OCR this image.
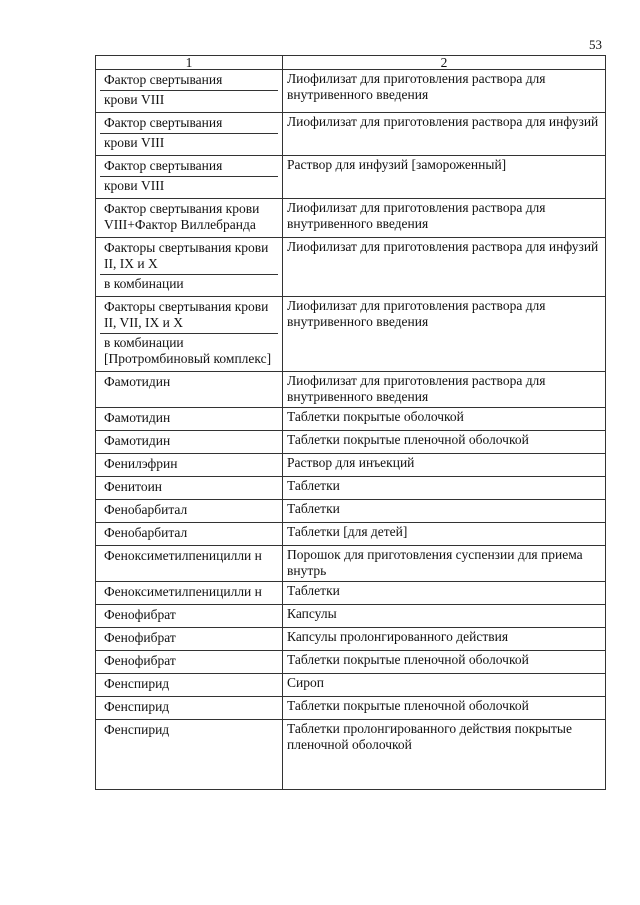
53
1	2

Фактор свертывания
крови VIII	Лиофилизат для приготовления раствора для внутривенного введения

Фактор свертывания
крови VIII	Лиофилизат для приготовления раствора для инфузий

Фактор свертывания
крови VIII	Раствор для инфузий [замороженный]

Фактор свертывания крови VIII+Фактор Виллебранда	Лиофилизат для приготовления раствора для внутривенного введения

Факторы свертывания крови II, IX и X
в комбинации	Лиофилизат для приготовления раствора для инфузий

Факторы свертывания крови II, VII, IX и X
в комбинации [Протромбиновый комплекс]	Лиофилизат для приготовления раствора для внутривенного введения

Фамотидин	Лиофилизат для приготовления раствора для внутривенного введения

Фамотидин	Таблетки покрытые оболочкой

Фамотидин	Таблетки покрытые пленочной оболочкой

Фенилэфрин	Раствор для инъекций

Фенитоин	Таблетки

Фенобарбитал	Таблетки

Фенобарбитал	Таблетки [для детей]

Феноксиметилпеницилли н	Порошок для приготовления суспензии для приема внутрь

Феноксиметилпеницилли н	Таблетки

Фенофибрат	Капсулы

Фенофибрат	Капсулы пролонгированного действия

Фенофибрат	Таблетки покрытые пленочной оболочкой

Фенспирид	Сироп

Фенспирид	Таблетки покрытые пленочной оболочкой

Фенспирид	Таблетки пролонгированного действия покрытые пленочной оболочкой
